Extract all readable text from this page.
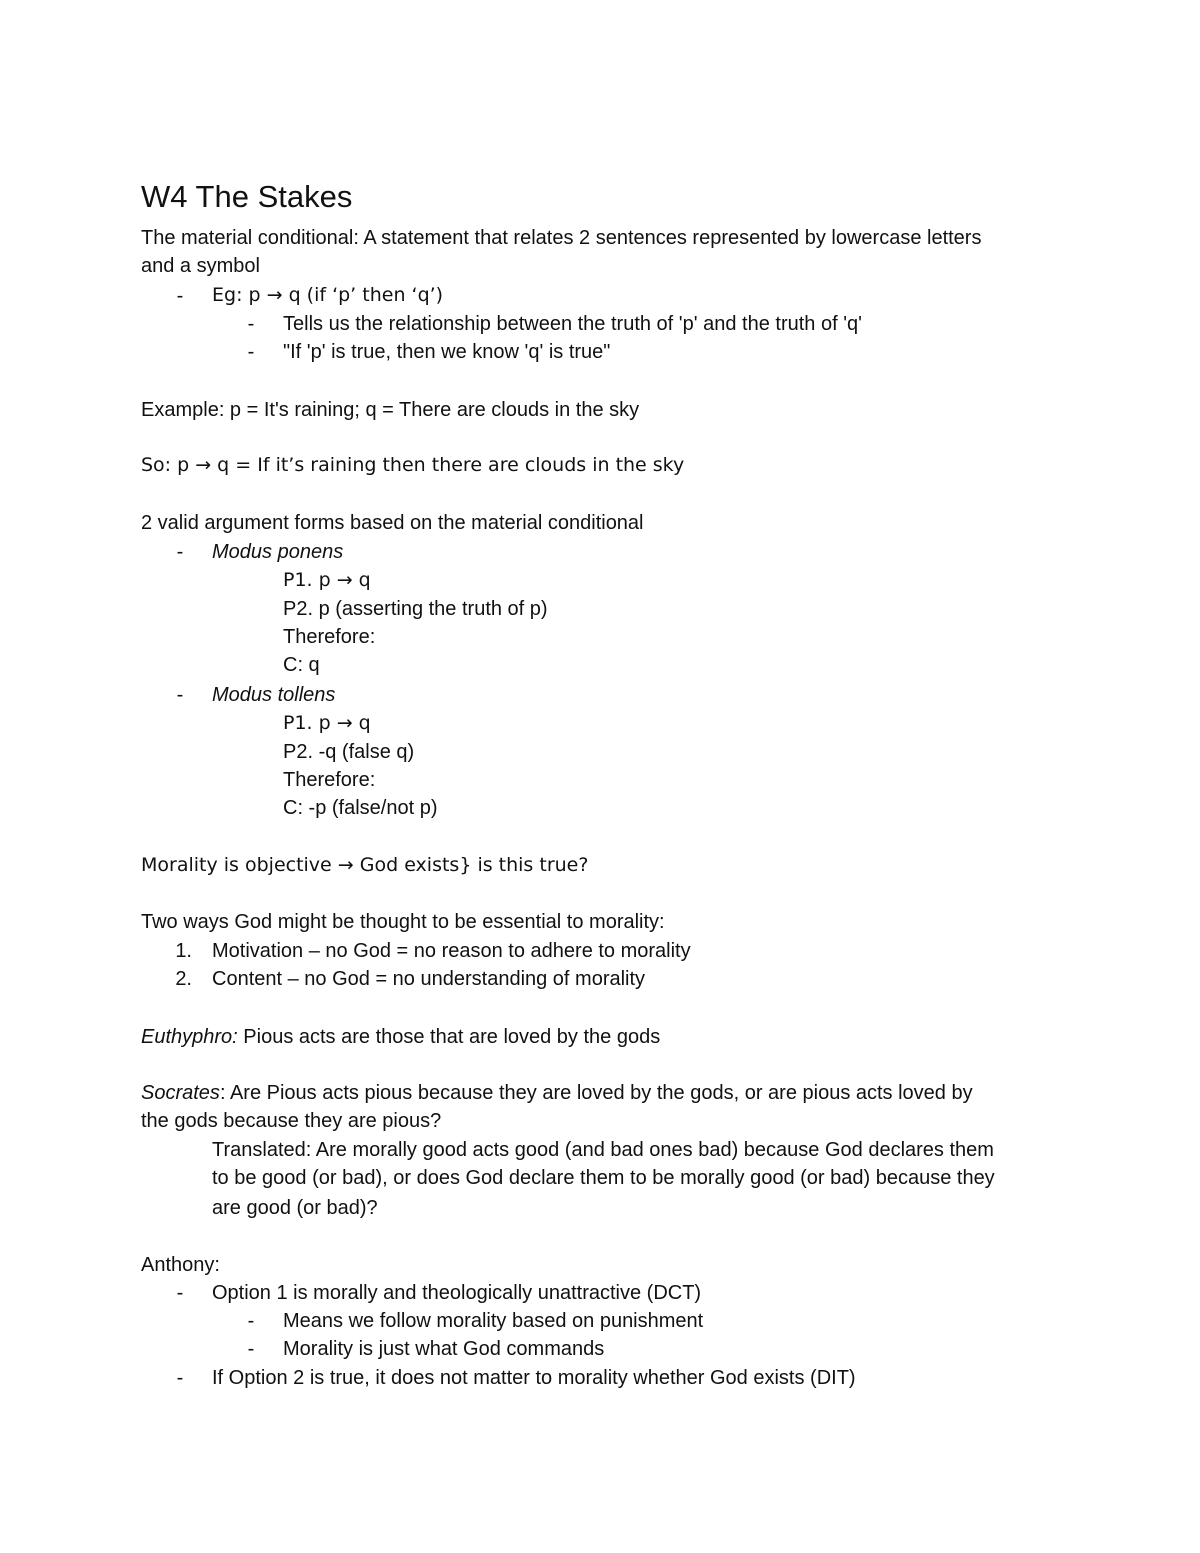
W4 The Stakes
The material conditional: A statement that relates 2 sentences represented by lowercase letters
and a symbol
-	Eg: p → q (if ‘p’ then ‘q’)
-	Tells us the relationship between the truth of 'p' and the truth of 'q'
-	"If 'p' is true, then we know 'q' is true"
Example: p = It's raining; q = There are clouds in the sky
So: p → q = If it’s raining then there are clouds in the sky
2 valid argument forms based on the material conditional
-	Modus ponens
P1. p → q
P2. p (asserting the truth of p)
Therefore:
C: q
-	Modus tollens
P1. p → q
P2. -q (false q)
Therefore:
C: -p (false/not p)
Morality is objective → God exists} is this true?
Two ways God might be thought to be essential to morality:
1. Motivation – no God = no reason to adhere to morality
2. Content – no God = no understanding of morality
Euthyphro: Pious acts are those that are loved by the gods
Socrates: Are Pious acts pious because they are loved by the gods, or are pious acts loved by
the gods because they are pious?
Translated: Are morally good acts good (and bad ones bad) because God declares them
to be good (or bad), or does God declare them to be morally good (or bad) because they
are good (or bad)?
Anthony:
-	Option 1 is morally and theologically unattractive (DCT)
-	Means we follow morality based on punishment
-	Morality is just what God commands
-	If Option 2 is true, it does not matter to morality whether God exists (DIT)
